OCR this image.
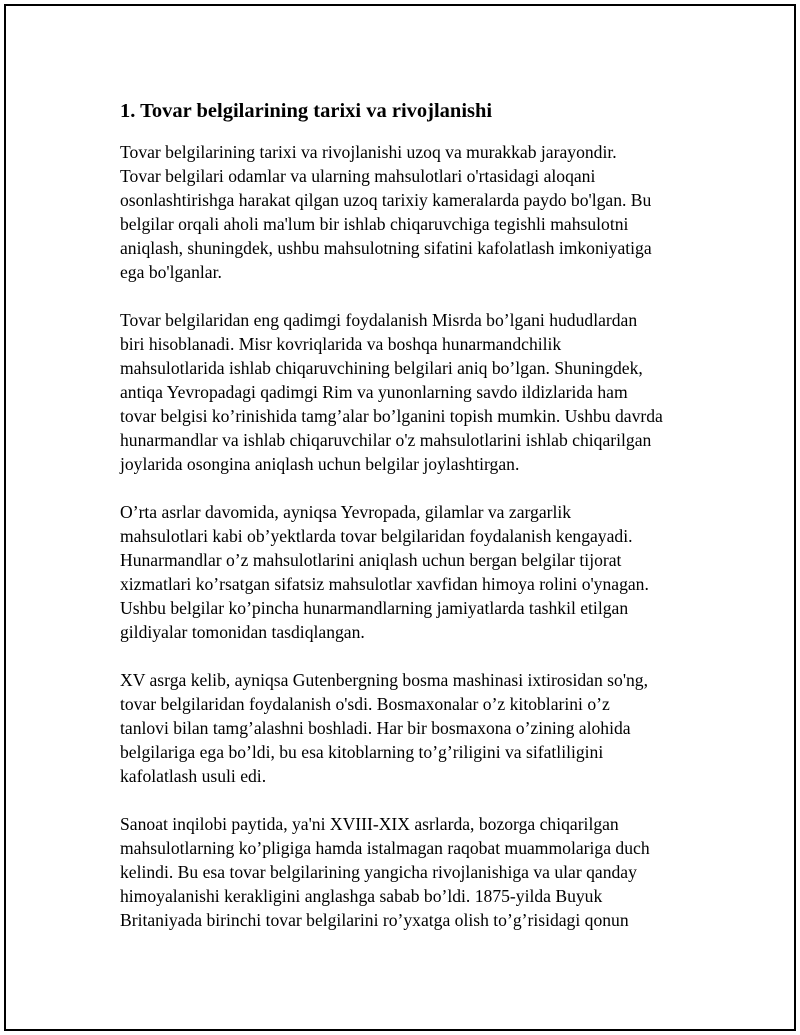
1. Tovar belgilarining tarixi va rivojlanishi

Tovar belgilarining tarixi va rivojlanishi uzoq va murakkab jarayondir.
Tovar belgilari odamlar va ularning mahsulotlari o'rtasidagi aloqani
osonlashtirishga harakat qilgan uzoq tarixiy kameralarda paydo bo'lgan. Bu
belgilar orqali aholi ma'lum bir ishlab chiqaruvchiga tegishli mahsulotni
aniqlash, shuningdek, ushbu mahsulotning sifatini kafolatlash imkoniyatiga
ega bo'lganlar.

Tovar belgilaridan eng qadimgi foydalanish Misrda bo’lgani hududlardan
biri hisoblanadi. Misr kovriqlarida va boshqa hunarmandchilik
mahsulotlarida ishlab chiqaruvchining belgilari aniq bo’lgan. Shuningdek,
antiqa Yevropadagi qadimgi Rim va yunonlarning savdo ildizlarida ham
tovar belgisi ko’rinishida tamg’alar bo’lganini topish mumkin. Ushbu davrda
hunarmandlar va ishlab chiqaruvchilar o'z mahsulotlarini ishlab chiqarilgan
joylarida osongina aniqlash uchun belgilar joylashtirgan.

O’rta asrlar davomida, ayniqsa Yevropada, gilamlar va zargarlik
mahsulotlari kabi ob’yektlarda tovar belgilaridan foydalanish kengayadi.
Hunarmandlar o’z mahsulotlarini aniqlash uchun bergan belgilar tijorat
xizmatlari ko’rsatgan sifatsiz mahsulotlar xavfidan himoya rolini o'ynagan.
Ushbu belgilar ko’pincha hunarmandlarning jamiyatlarda tashkil etilgan
gildiyalar tomonidan tasdiqlangan.

XV asrga kelib, ayniqsa Gutenbergning bosma mashinasi ixtirosidan so'ng,
tovar belgilaridan foydalanish o'sdi. Bosmaxonalar o’z kitoblarini o’z
tanlovi bilan tamg’alashni boshladi. Har bir bosmaxona o’zining alohida
belgilariga ega bo’ldi, bu esa kitoblarning to’g’riligini va sifatliligini
kafolatlash usuli edi.

Sanoat inqilobi paytida, ya'ni XVIII-XIX asrlarda, bozorga chiqarilgan
mahsulotlarning ko’pligiga hamda istalmagan raqobat muammolariga duch
kelindi. Bu esa tovar belgilarining yangicha rivojlanishiga va ular qanday
himoyalanishi kerakligini anglashga sabab bo’ldi. 1875-yilda Buyuk
Britaniyada birinchi tovar belgilarini ro’yxatga olish to’g’risidagi qonun
